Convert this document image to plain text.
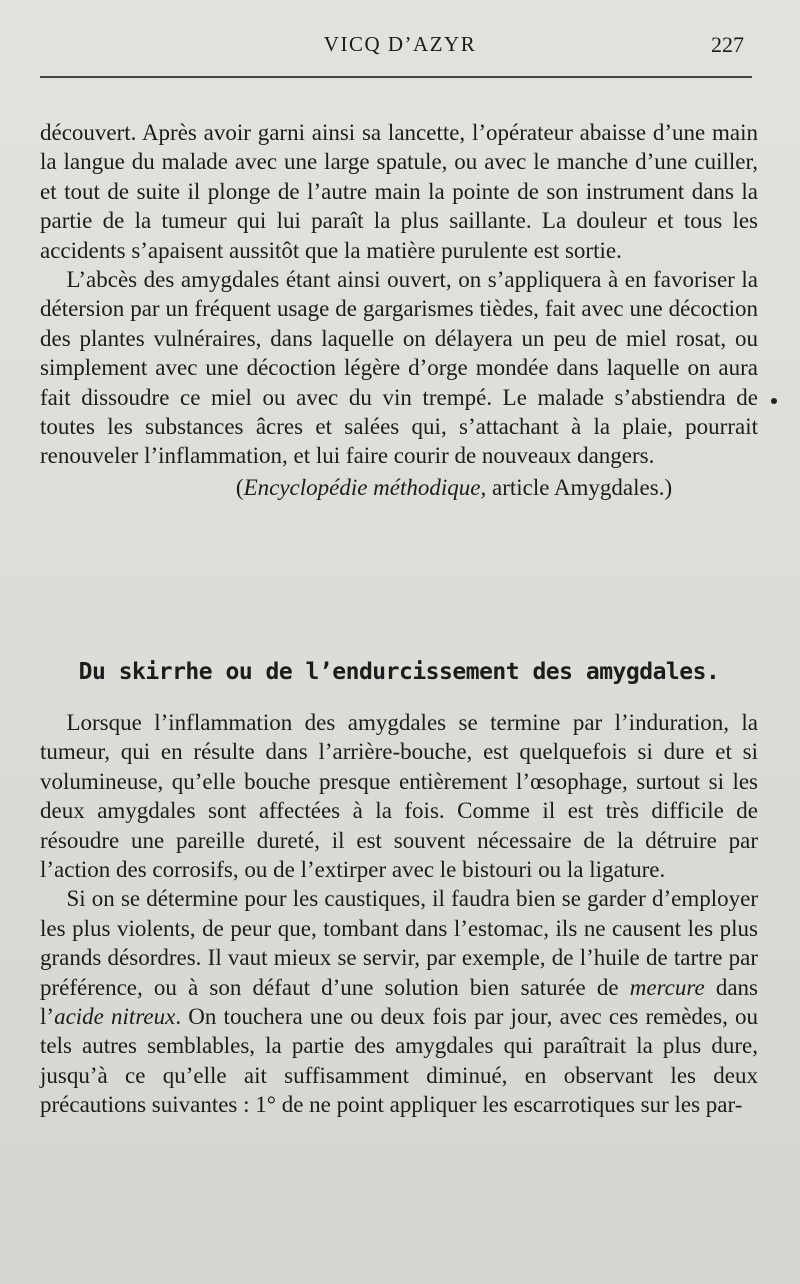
VICQ D’AZYR	227

découvert. Après avoir garni ainsi sa lancette, l’opérateur abaisse d’une main la langue du malade avec une large spatule, ou avec le manche d’une cuiller, et tout de suite il plonge de l’autre main la pointe de son instrument dans la partie de la tumeur qui lui paraît la plus saillante. La douleur et tous les accidents s’apaisent aussitôt que la matière purulente est sortie.

L’abcès des amygdales étant ainsi ouvert, on s’appliquera à en favoriser la détersion par un fréquent usage de gargarismes tièdes, fait avec une décoction des plantes vulnéraires, dans laquelle on délayera un peu de miel rosat, ou simplement avec une décoction légère d’orge mondée dans laquelle on aura fait dissoudre ce miel ou avec du vin trempé. Le malade s’abstiendra de toutes les substances âcres et salées qui, s’attachant à la plaie, pourrait renouveler l’inflammation, et lui faire courir de nouveaux dangers.

(Encyclopédie méthodique, article Amygdales.)

Du skirrhe ou de l’endurcissement des amygdales.

Lorsque l’inflammation des amygdales se termine par l’induration, la tumeur, qui en résulte dans l’arrière-bouche, est quelquefois si dure et si volumineuse, qu’elle bouche presque entièrement l’œsophage, surtout si les deux amygdales sont affectées à la fois. Comme il est très difficile de résoudre une pareille dureté, il est souvent nécessaire de la détruire par l’action des corrosifs, ou de l’extirper avec le bistouri ou la ligature.

Si on se détermine pour les caustiques, il faudra bien se garder d’employer les plus violents, de peur que, tombant dans l’estomac, ils ne causent les plus grands désordres. Il vaut mieux se servir, par exemple, de l’huile de tartre par préférence, ou à son défaut d’une solution bien saturée de mercure dans l’acide nitreux. On touchera une ou deux fois par jour, avec ces remèdes, ou tels autres semblables, la partie des amygdales qui paraîtrait la plus dure, jusqu’à ce qu’elle ait suffisamment diminué, en observant les deux précautions suivantes : 1° de ne point appliquer les escarrotiques sur les par-
